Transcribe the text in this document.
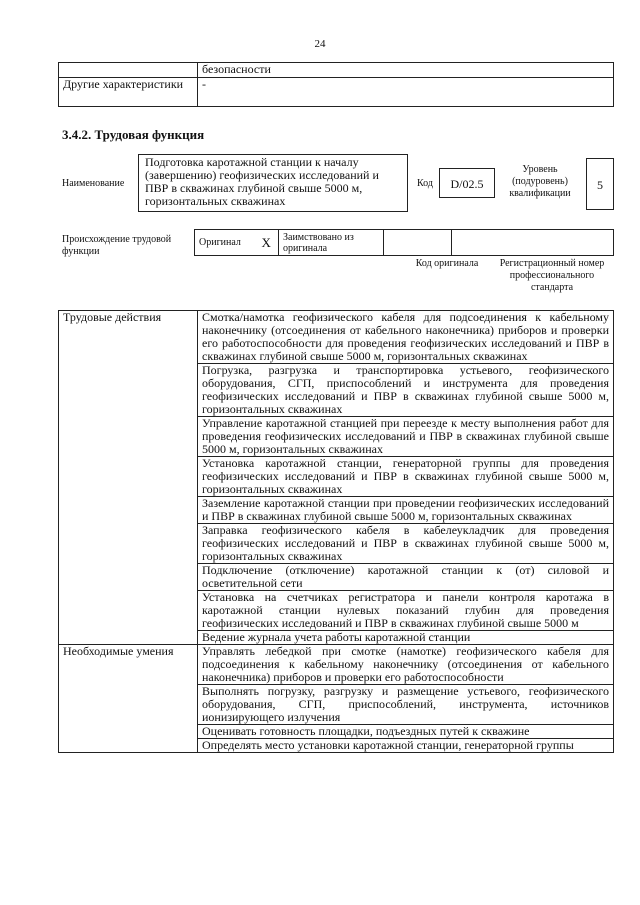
24
	безопасности
Другие характеристики	-
3.4.2. Трудовая функция
Наименование
Подготовка каротажной станции к началу (завершению) геофизических исследований и ПВР в скважинах глубиной свыше 5000 м, горизонтальных скважинах
Код	D/02.5
Уровень (подуровень) квалификации
5
Происхождение трудовой функции
Оригинал	X	Заимствовано из оригинала		
Код оригинала	Регистрационный номер профессионального стандарта
Трудовые действия	Смотка/намотка геофизического кабеля для подсоединения к кабельному наконечнику (отсоединения от кабельного наконечника) приборов и проверки его работоспособности для проведения геофизических исследований и ПВР в скважинах глубиной свыше 5000 м, горизонтальных скважинах
	Погрузка, разгрузка и транспортировка устьевого, геофизического оборудования, СГП, приспособлений и инструмента для проведения геофизических исследований и ПВР в скважинах глубиной свыше 5000 м, горизонтальных скважинах
	Управление каротажной станцией при переезде к месту выполнения работ для проведения геофизических исследований и ПВР в скважинах глубиной свыше 5000 м, горизонтальных скважинах
	Установка каротажной станции, генераторной группы для проведения геофизических исследований и ПВР в скважинах глубиной свыше 5000 м, горизонтальных скважинах
	Заземление каротажной станции при проведении геофизических исследований и ПВР в скважинах глубиной свыше 5000 м, горизонтальных скважинах
	Заправка геофизического кабеля в кабелеукладчик для проведения геофизических исследований и ПВР в скважинах глубиной свыше 5000 м, горизонтальных скважинах
	Подключение (отключение) каротажной станции к (от) силовой и осветительной сети
	Установка на счетчиках регистратора и панели контроля каротажа в каротажной станции нулевых показаний глубин для проведения геофизических исследований и ПВР в скважинах глубиной свыше 5000 м
	Ведение журнала учета работы каротажной станции
Необходимые умения	Управлять лебедкой при смотке (намотке) геофизического кабеля для подсоединения к кабельному наконечнику (отсоединения от кабельного наконечника) приборов и проверки его работоспособности
	Выполнять погрузку, разгрузку и размещение устьевого, геофизического оборудования, СГП, приспособлений, инструмента, источников ионизирующего излучения
	Оценивать готовность площадки, подъездных путей к скважине
	Определять место установки каротажной станции, генераторной группы
